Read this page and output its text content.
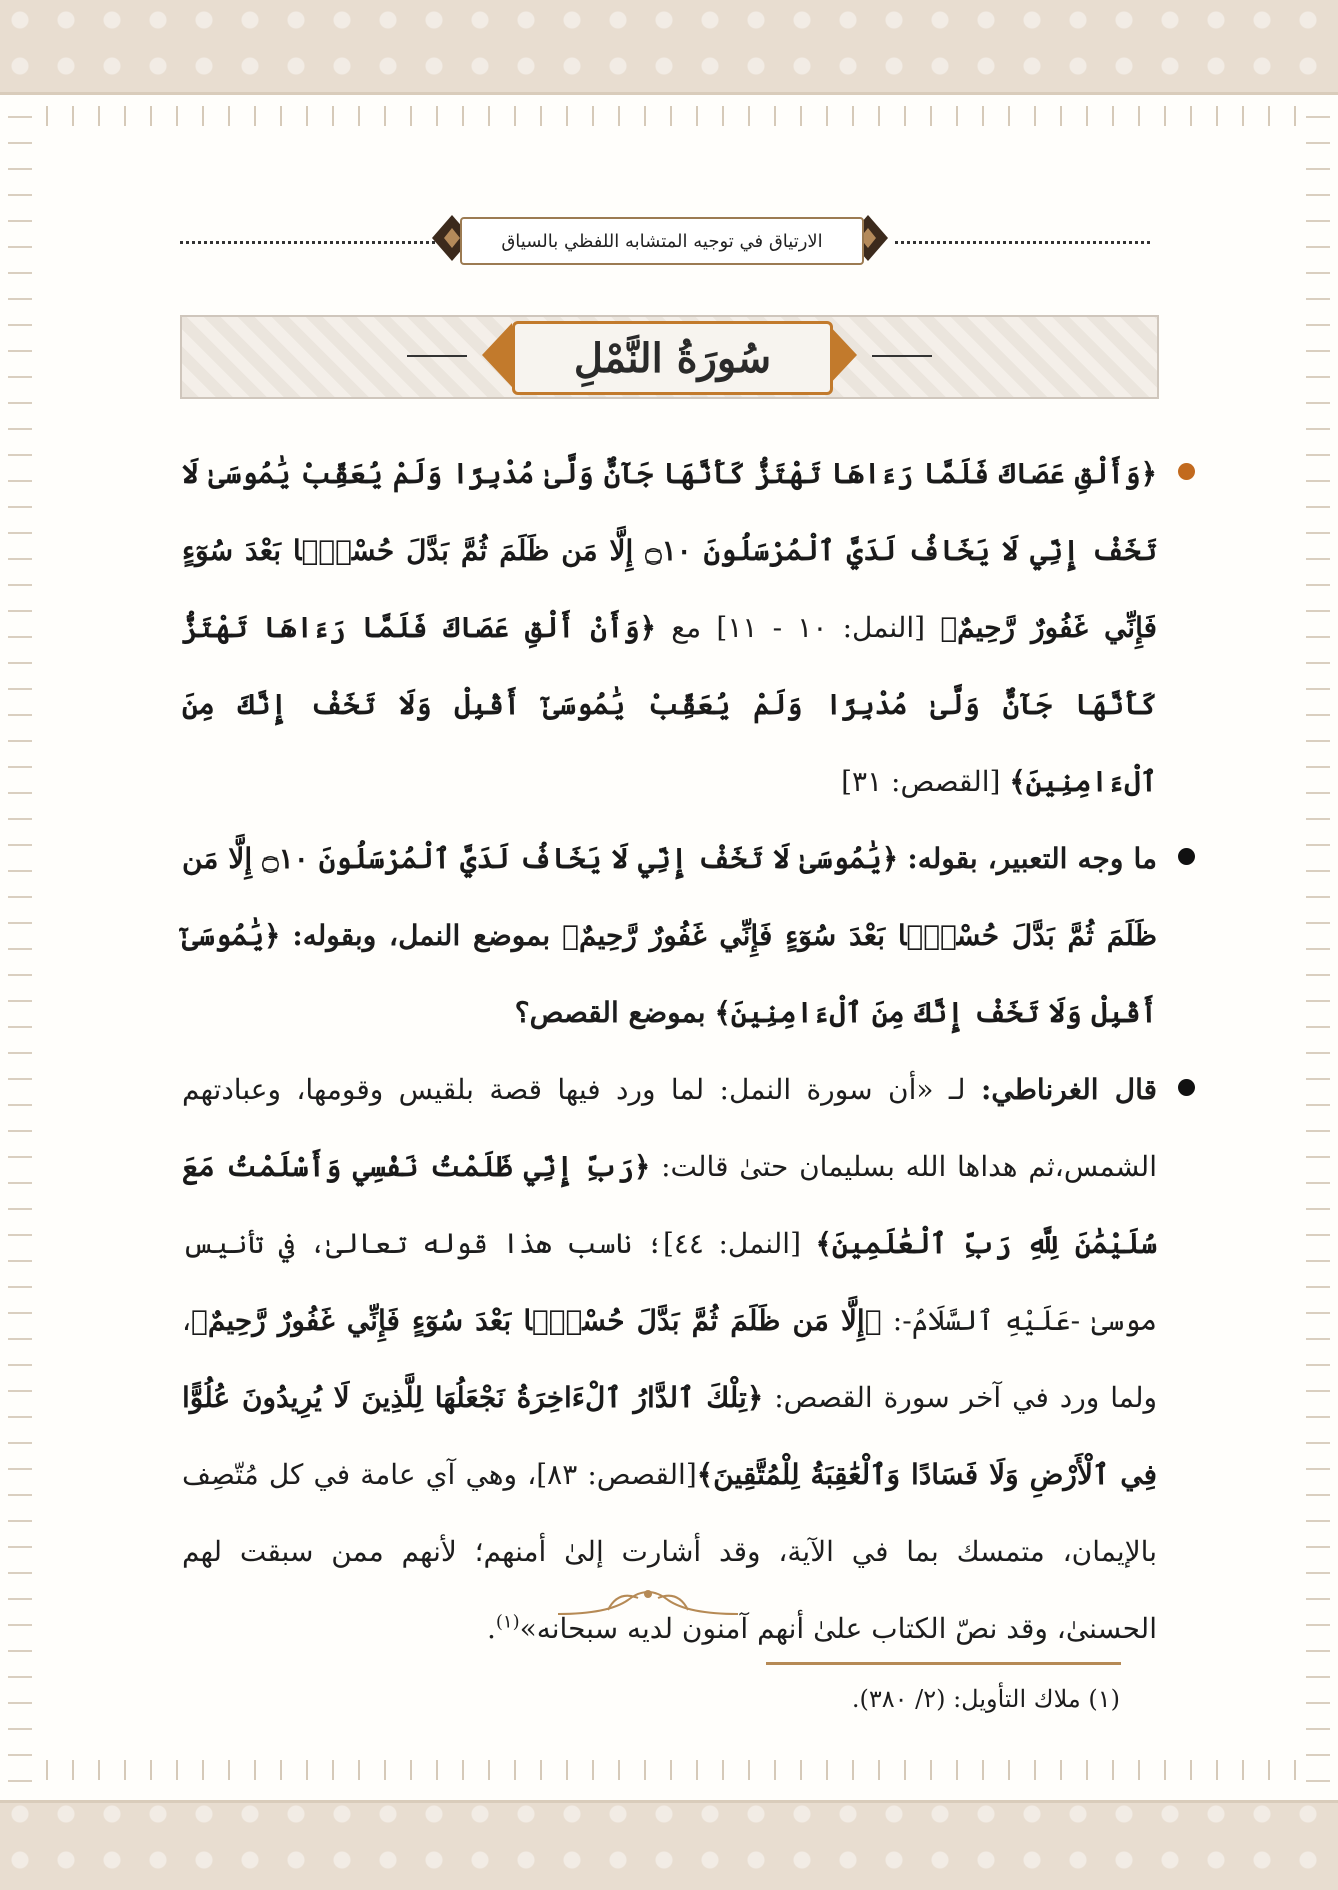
الارتياق في توجيه المتشابه اللفظي بالسياق
سُورَةُ النَّمْلِ

﴿وَأَلْقِ عَصَاكَ فَلَمَّا رَءَاهَا تَهْتَزُّ كَأَنَّهَا جَآنٌّ وَلَّىٰ مُدْبِرًا وَلَمْ يُعَقِّبْ يَٰمُوسَىٰ لَا تَخَفْ إِنِّي لَا يَخَافُ لَدَيَّ ٱلْمُرْسَلُونَ ۝١٠ إِلَّا مَن ظَلَمَ ثُمَّ بَدَّلَ حُسْنًۢا بَعْدَ سُوٓءٍ فَإِنِّي غَفُورٌ رَّحِيمٌ﴾ [النمل: ١٠ - ١١] مع ﴿وَأَنْ أَلْقِ عَصَاكَ فَلَمَّا رَءَاهَا تَهْتَزُّ كَأَنَّهَا جَآنٌّ وَلَّىٰ مُدْبِرًا وَلَمْ يُعَقِّبْ يَٰمُوسَىٰٓ أَقْبِلْ وَلَا تَخَفْ إِنَّكَ مِنَ ٱلْءَامِنِينَ﴾ [القصص: ٣١]

ما وجه التعبير، بقوله: ﴿يَٰمُوسَىٰ لَا تَخَفْ إِنِّي لَا يَخَافُ لَدَيَّ ٱلْمُرْسَلُونَ ۝١٠ إِلَّا مَن ظَلَمَ ثُمَّ بَدَّلَ حُسْنًۢا بَعْدَ سُوٓءٍ فَإِنِّي غَفُورٌ رَّحِيمٌ﴾ بموضع النمل، وبقوله: ﴿يَٰمُوسَىٰٓ أَقْبِلْ وَلَا تَخَفْ إِنَّكَ مِنَ ٱلْءَامِنِينَ﴾ بموضع القصص؟

قال الغرناطي: لـ «أن سورة النمل: لما ورد فيها قصة بلقيس وقومها، وعبادتهم الشمس،ثم هداها الله بسليمان حتىٰ قالت: ﴿رَبِّ إِنِّي ظَلَمْتُ نَفْسِي وَأَسْلَمْتُ مَعَ سُلَيْمَٰنَ لِلَّهِ رَبِّ ٱلْعَٰلَمِينَ﴾ [النمل: ٤٤]؛ ناسب هذا قوله تعالىٰ، في تأنيس موسىٰ -عَلَيْهِ ٱلسَّلَامُ-: ﴿إِلَّا مَن ظَلَمَ ثُمَّ بَدَّلَ حُسْنًۢا بَعْدَ سُوٓءٍ فَإِنِّي غَفُورٌ رَّحِيمٌ﴾، ولما ورد في آخر سورة القصص: ﴿تِلْكَ ٱلدَّارُ ٱلْءَاخِرَةُ نَجْعَلُهَا لِلَّذِينَ لَا يُرِيدُونَ عُلُوًّا فِي ٱلْأَرْضِ وَلَا فَسَادًا وَٱلْعَٰقِبَةُ لِلْمُتَّقِينَ﴾[القصص: ٨٣]، وهي آي عامة في كل مُتّصِف بالإيمان، متمسك بما في الآية، وقد أشارت إلىٰ أمنهم؛ لأنهم ممن سبقت لهم الحسنىٰ، وقد نصّ الكتاب علىٰ أنهم آمنون لديه سبحانه»$^{(١)}$.

(١) ملاك التأويل: (٢/ ٣٨٠).
